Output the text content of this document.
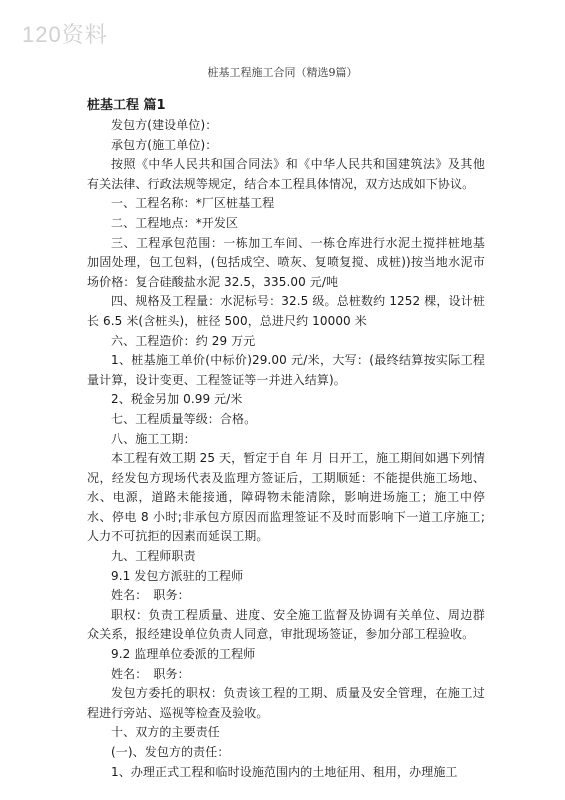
120资料
桩基工程施工合同（精选9篇）

桩基工程 篇1

发包方(建设单位)：

承包方(施工单位)：

按照《中华人民共和国合同法》和《中华人民共和国建筑法》及其他有关法律、行政法规等规定，结合本工程具体情况，双方达成如下协议。

一、工程名称：*厂区桩基工程

二、工程地点：*开发区

三、工程承包范围：一栋加工车间、一栋仓库进行水泥土搅拌桩地基加固处理，包工包料，(包括成空、喷灰、复喷复搅、成桩))按当地水泥市场价格：复合硅酸盐水泥 32.5，335.00 元/吨

四、规格及工程量：水泥标号：32.5 级。总桩数约 1252 棵，设计桩长 6.5 米(含桩头)，桩径 500，总进尺约 10000 米

六、工程造价：约 29 万元

1、桩基施工单价(中标价)29.00 元/米，大写：(最终结算按实际工程量计算，设计变更、工程签证等一并进入结算)。

2、税金另加 0.99 元/米

七、工程质量等级：合格。

八、施工工期：

本工程有效工期 25 天，暂定于自 年 月 日开工，施工期间如遇下列情况，经发包方现场代表及监理方签证后，工期顺延：不能提供施工场地、水、电源，道路未能接通，障碍物未能清除，影响进场施工；施工中停水、停电 8 小时;非承包方原因而监理签证不及时而影响下一道工序施工;人力不可抗拒的因素而延误工期。

九、工程师职责

9.1 发包方派驻的工程师

姓名：　职务：

职权：负责工程质量、进度、安全施工监督及协调有关单位、周边群众关系，报经建设单位负责人同意，审批现场签证，参加分部工程验收。

9.2 监理单位委派的工程师

姓名：　职务：

发包方委托的职权：负责该工程的工期、质量及安全管理，在施工过程进行旁站、巡视等检查及验收。

十、双方的主要责任

(一)、发包方的责任：

1、办理正式工程和临时设施范围内的土地征用、租用，办理施工
